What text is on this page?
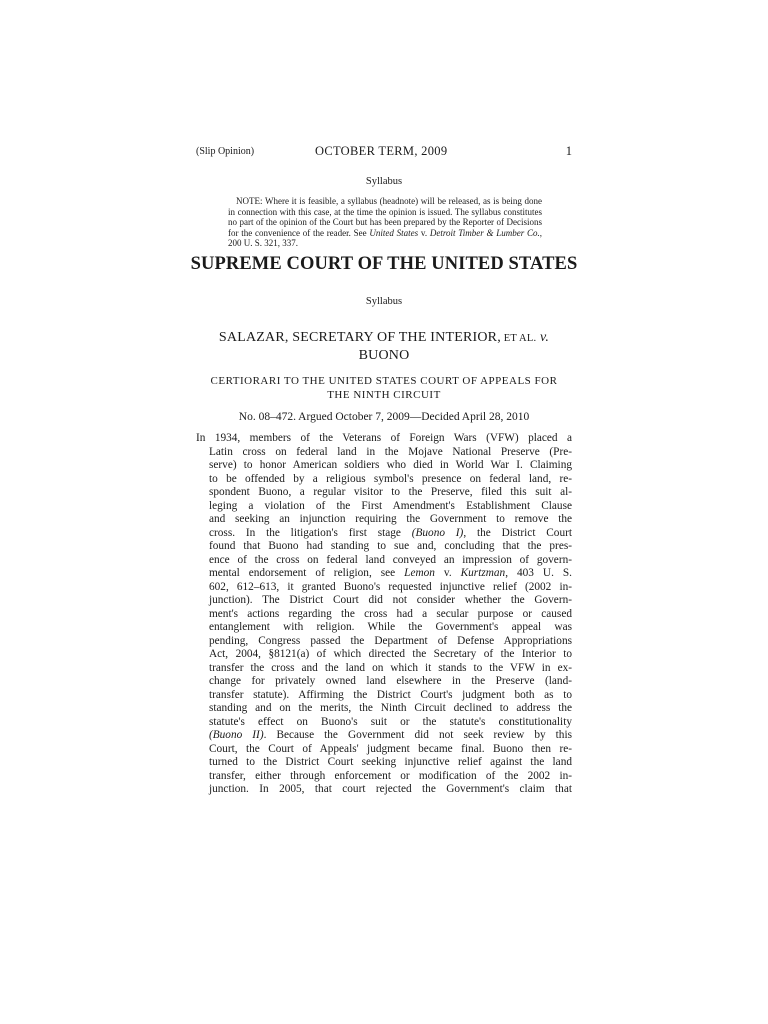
(Slip Opinion)	OCTOBER TERM, 2009	1
Syllabus

NOTE: Where it is feasible, a syllabus (headnote) will be released, as is being done in connection with this case, at the time the opinion is issued. The syllabus constitutes no part of the opinion of the Court but has been prepared by the Reporter of Decisions for the convenience of the reader. See United States v. Detroit Timber & Lumber Co., 200 U. S. 321, 337.

SUPREME COURT OF THE UNITED STATES
Syllabus

SALAZAR, SECRETARY OF THE INTERIOR, ET AL. v.
BUONO

CERTIORARI TO THE UNITED STATES COURT OF APPEALS FOR
THE NINTH CIRCUIT

No. 08–472. Argued October 7, 2009—Decided April 28, 2010

In 1934, members of the Veterans of Foreign Wars (VFW) placed a
Latin cross on federal land in the Mojave National Preserve (Pre-
serve) to honor American soldiers who died in World War I. Claiming
to be offended by a religious symbol's presence on federal land, re-
spondent Buono, a regular visitor to the Preserve, filed this suit al-
leging a violation of the First Amendment's Establishment Clause
and seeking an injunction requiring the Government to remove the
cross. In the litigation's first stage (Buono I), the District Court
found that Buono had standing to sue and, concluding that the pres-
ence of the cross on federal land conveyed an impression of govern-
mental endorsement of religion, see Lemon v. Kurtzman, 403 U. S.
602, 612–613, it granted Buono's requested injunctive relief (2002 in-
junction). The District Court did not consider whether the Govern-
ment's actions regarding the cross had a secular purpose or caused
entanglement with religion. While the Government's appeal was
pending, Congress passed the Department of Defense Appropriations
Act, 2004, §8121(a) of which directed the Secretary of the Interior to
transfer the cross and the land on which it stands to the VFW in ex-
change for privately owned land elsewhere in the Preserve (land-
transfer statute). Affirming the District Court's judgment both as to
standing and on the merits, the Ninth Circuit declined to address the
statute's effect on Buono's suit or the statute's constitutionality
(Buono II). Because the Government did not seek review by this
Court, the Court of Appeals' judgment became final. Buono then re-
turned to the District Court seeking injunctive relief against the land
transfer, either through enforcement or modification of the 2002 in-
junction. In 2005, that court rejected the Government's claim that
